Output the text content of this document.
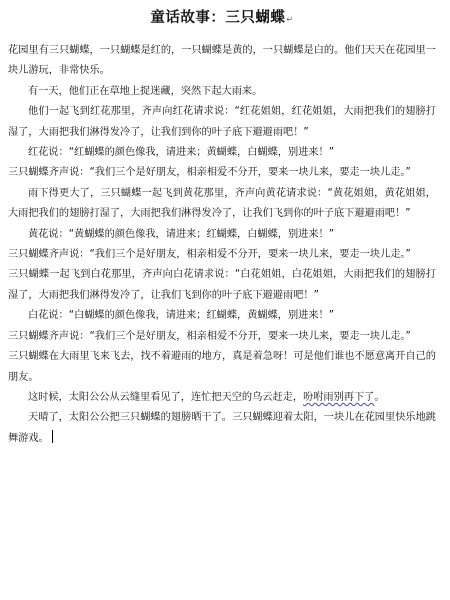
童话故事：三只蝴蝶↵

花园里有三只蝴蝶，一只蝴蝶是红的，一只蝴蝶是黄的，一只蝴蝶是白的。他们天天在花园里一块儿游玩，非常快乐。

有一天，他们正在草地上捉迷藏，突然下起大雨来。

他们一起飞到红花那里，齐声向红花请求说：“红花姐姐，红花姐姐，大雨把我们的翅膀打湿了，大雨把我们淋得发冷了，让我们到你的叶子底下避避雨吧！”

红花说：“红蝴蝶的颜色像我，请进来；黄蝴蝶，白蝴蝶，别进来！”

三只蝴蝶齐声说：“我们三个是好朋友，相亲相爱不分开，要来一块儿来，要走一块儿走。”

雨下得更大了，三只蝴蝶一起飞到黄花那里，齐声向黄花请求说：“黄花姐姐，黄花姐姐，大雨把我们的翅膀打湿了，大雨把我们淋得发冷了，让我们飞到你的叶子底下避避雨吧！”

黄花说：“黄蝴蝶的颜色像我，请进来；红蝴蝶，白蝴蝶，别进来！”

三只蝴蝶齐声说：“我们三个是好朋友，相亲相爱不分开，要来一块儿来，要走一块儿走。”

三只蝴蝶一起飞到白花那里，齐声向白花请求说：“白花姐姐，白花姐姐，大雨把我们的翅膀打湿了，大雨把我们淋得发冷了，让我们飞到你的叶子底下避避雨吧！”

白花说：“白蝴蝶的颜色像我，请进来；红蝴蝶，黄蝴蝶，别进来！”

三只蝴蝶齐声说：“我们三个是好朋友，相亲相爱不分开，要来一块儿来，要走一块儿走。”

三只蝴蝶在大雨里飞来飞去，找不着避雨的地方，真是着急呀！可是他们谁也不愿意离开自己的朋友。

这时候，太阳公公从云缝里看见了，连忙把天空的乌云赶走，吩咐雨别再下了。

天晴了，太阳公公把三只蝴蝶的翅膀晒干了。三只蝴蝶迎着太阳，一块儿在花园里快乐地跳舞游戏。
